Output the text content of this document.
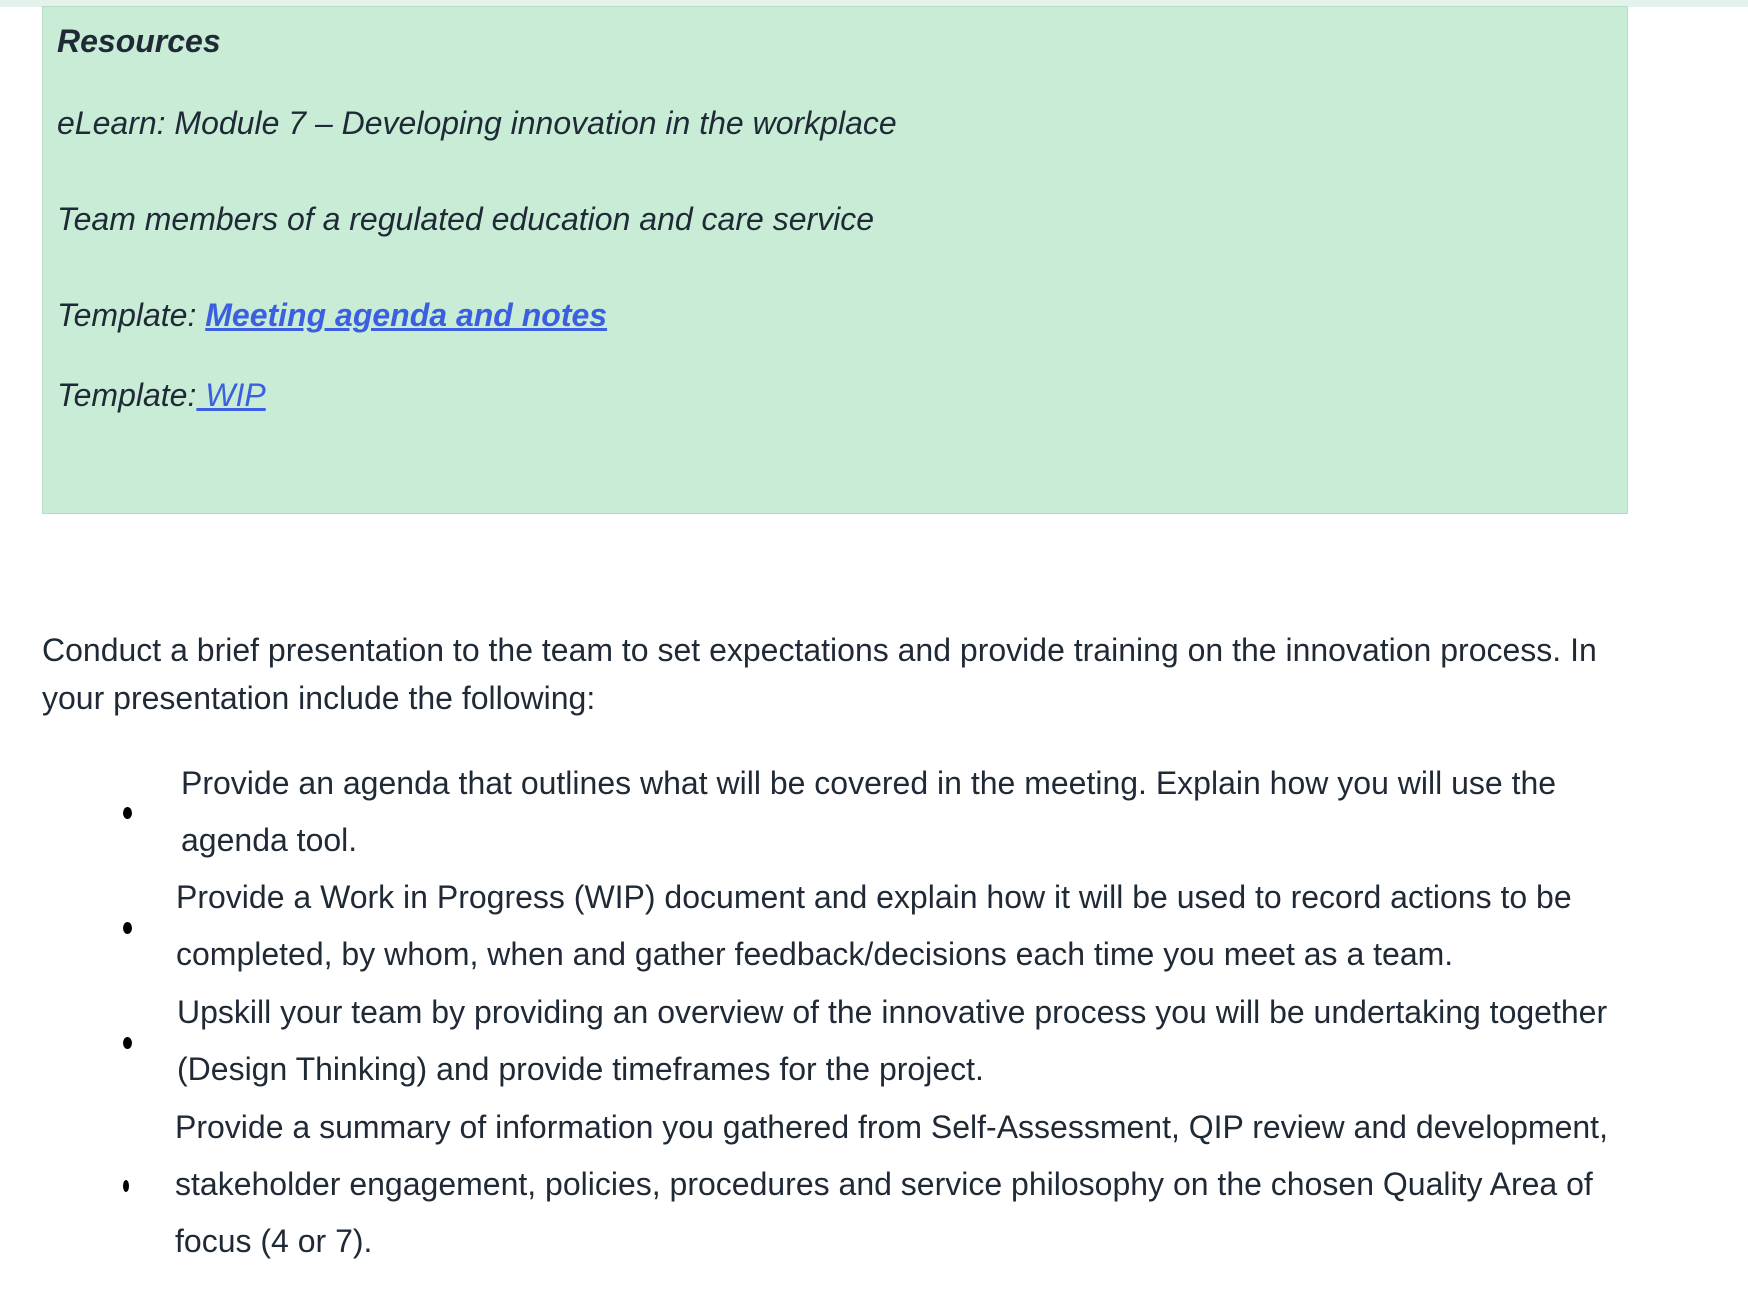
Resources
eLearn: Module 7 – Developing innovation in the workplace
Team members of a regulated education and care service
Template: Meeting agenda and notes
Template: WIP
Conduct a brief presentation to the team to set expectations and provide training on the innovation process. In
your presentation include the following:
Provide an agenda that outlines what will be covered in the meeting. Explain how you will use the
agenda tool.
Provide a Work in Progress (WIP) document and explain how it will be used to record actions to be
completed, by whom, when and gather feedback/decisions each time you meet as a team.
Upskill your team by providing an overview of the innovative process you will be undertaking together
(Design Thinking) and provide timeframes for the project.
Provide a summary of information you gathered from Self-Assessment, QIP review and development,
stakeholder engagement, policies, procedures and service philosophy on the chosen Quality Area of
focus (4 or 7).
